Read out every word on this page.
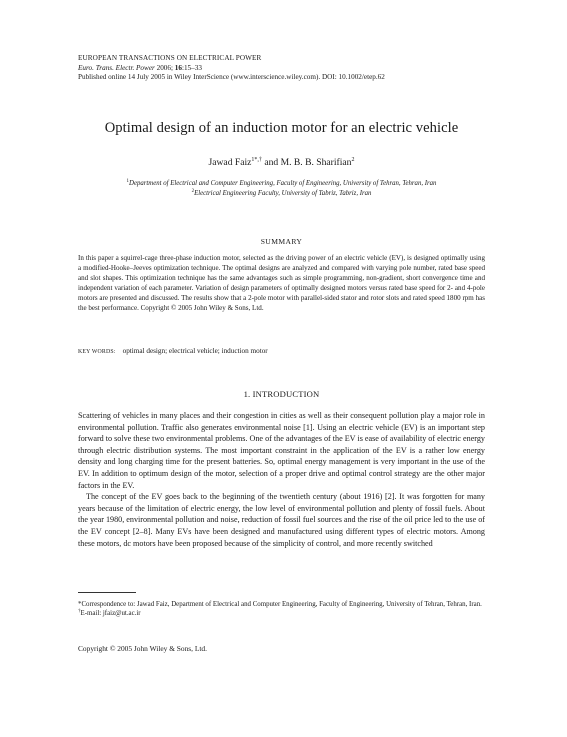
EUROPEAN TRANSACTIONS ON ELECTRICAL POWER
Euro. Trans. Electr. Power 2006; 16:15–33
Published online 14 July 2005 in Wiley InterScience (www.interscience.wiley.com). DOI: 10.1002/etep.62
Optimal design of an induction motor for an electric vehicle
Jawad Faiz$^{1*,\dagger}$ and M. B. B. Sharifian$^2$
$^1$Department of Electrical and Computer Engineering, Faculty of Engineering, University of Tehran, Tehran, Iran
$^2$Electrical Engineering Faculty, University of Tabriz, Tabriz, Iran
SUMMARY
In this paper a squirrel-cage three-phase induction motor, selected as the driving power of an electric vehicle (EV), is designed optimally using a modified-Hooke–Jeeves optimization technique. The optimal designs are analyzed and compared with varying pole number, rated base speed and slot shapes. This optimization technique has the same advantages such as simple programming, non-gradient, short convergence time and independent variation of each parameter. Variation of design parameters of optimally designed motors versus rated base speed for 2- and 4-pole motors are presented and discussed. The results show that a 2-pole motor with parallel-sided stator and rotor slots and rated speed 1800 rpm has the best performance. Copyright © 2005 John Wiley & Sons, Ltd.
KEY WORDS: optimal design; electrical vehicle; induction motor
1. INTRODUCTION

Scattering of vehicles in many places and their congestion in cities as well as their consequent pollution play a major role in environmental pollution. Traffic also generates environmental noise [1]. Using an electric vehicle (EV) is an important step forward to solve these two environmental problems. One of the advantages of the EV is ease of availability of electric energy through electric distribution systems. The most important constraint in the application of the EV is a rather low energy density and long charging time for the present batteries. So, optimal energy management is very important in the use of the EV. In addition to optimum design of the motor, selection of a proper drive and optimal control strategy are the other major factors in the EV.

The concept of the EV goes back to the beginning of the twentieth century (about 1916) [2]. It was forgotten for many years because of the limitation of electric energy, the low level of environmental pollution and plenty of fossil fuels. About the year 1980, environmental pollution and noise, reduction of fossil fuel sources and the rise of the oil price led to the use of the EV concept [2–8]. Many EVs have been designed and manufactured using different types of electric motors. Among these motors, dc motors have been proposed because of the simplicity of control, and more recently switched

*Correspondence to: Jawad Faiz, Department of Electrical and Computer Engineering, Faculty of Engineering, University of Tehran, Tehran, Iran.
†E-mail: jfaiz@ut.ac.ir
Copyright © 2005 John Wiley & Sons, Ltd.
